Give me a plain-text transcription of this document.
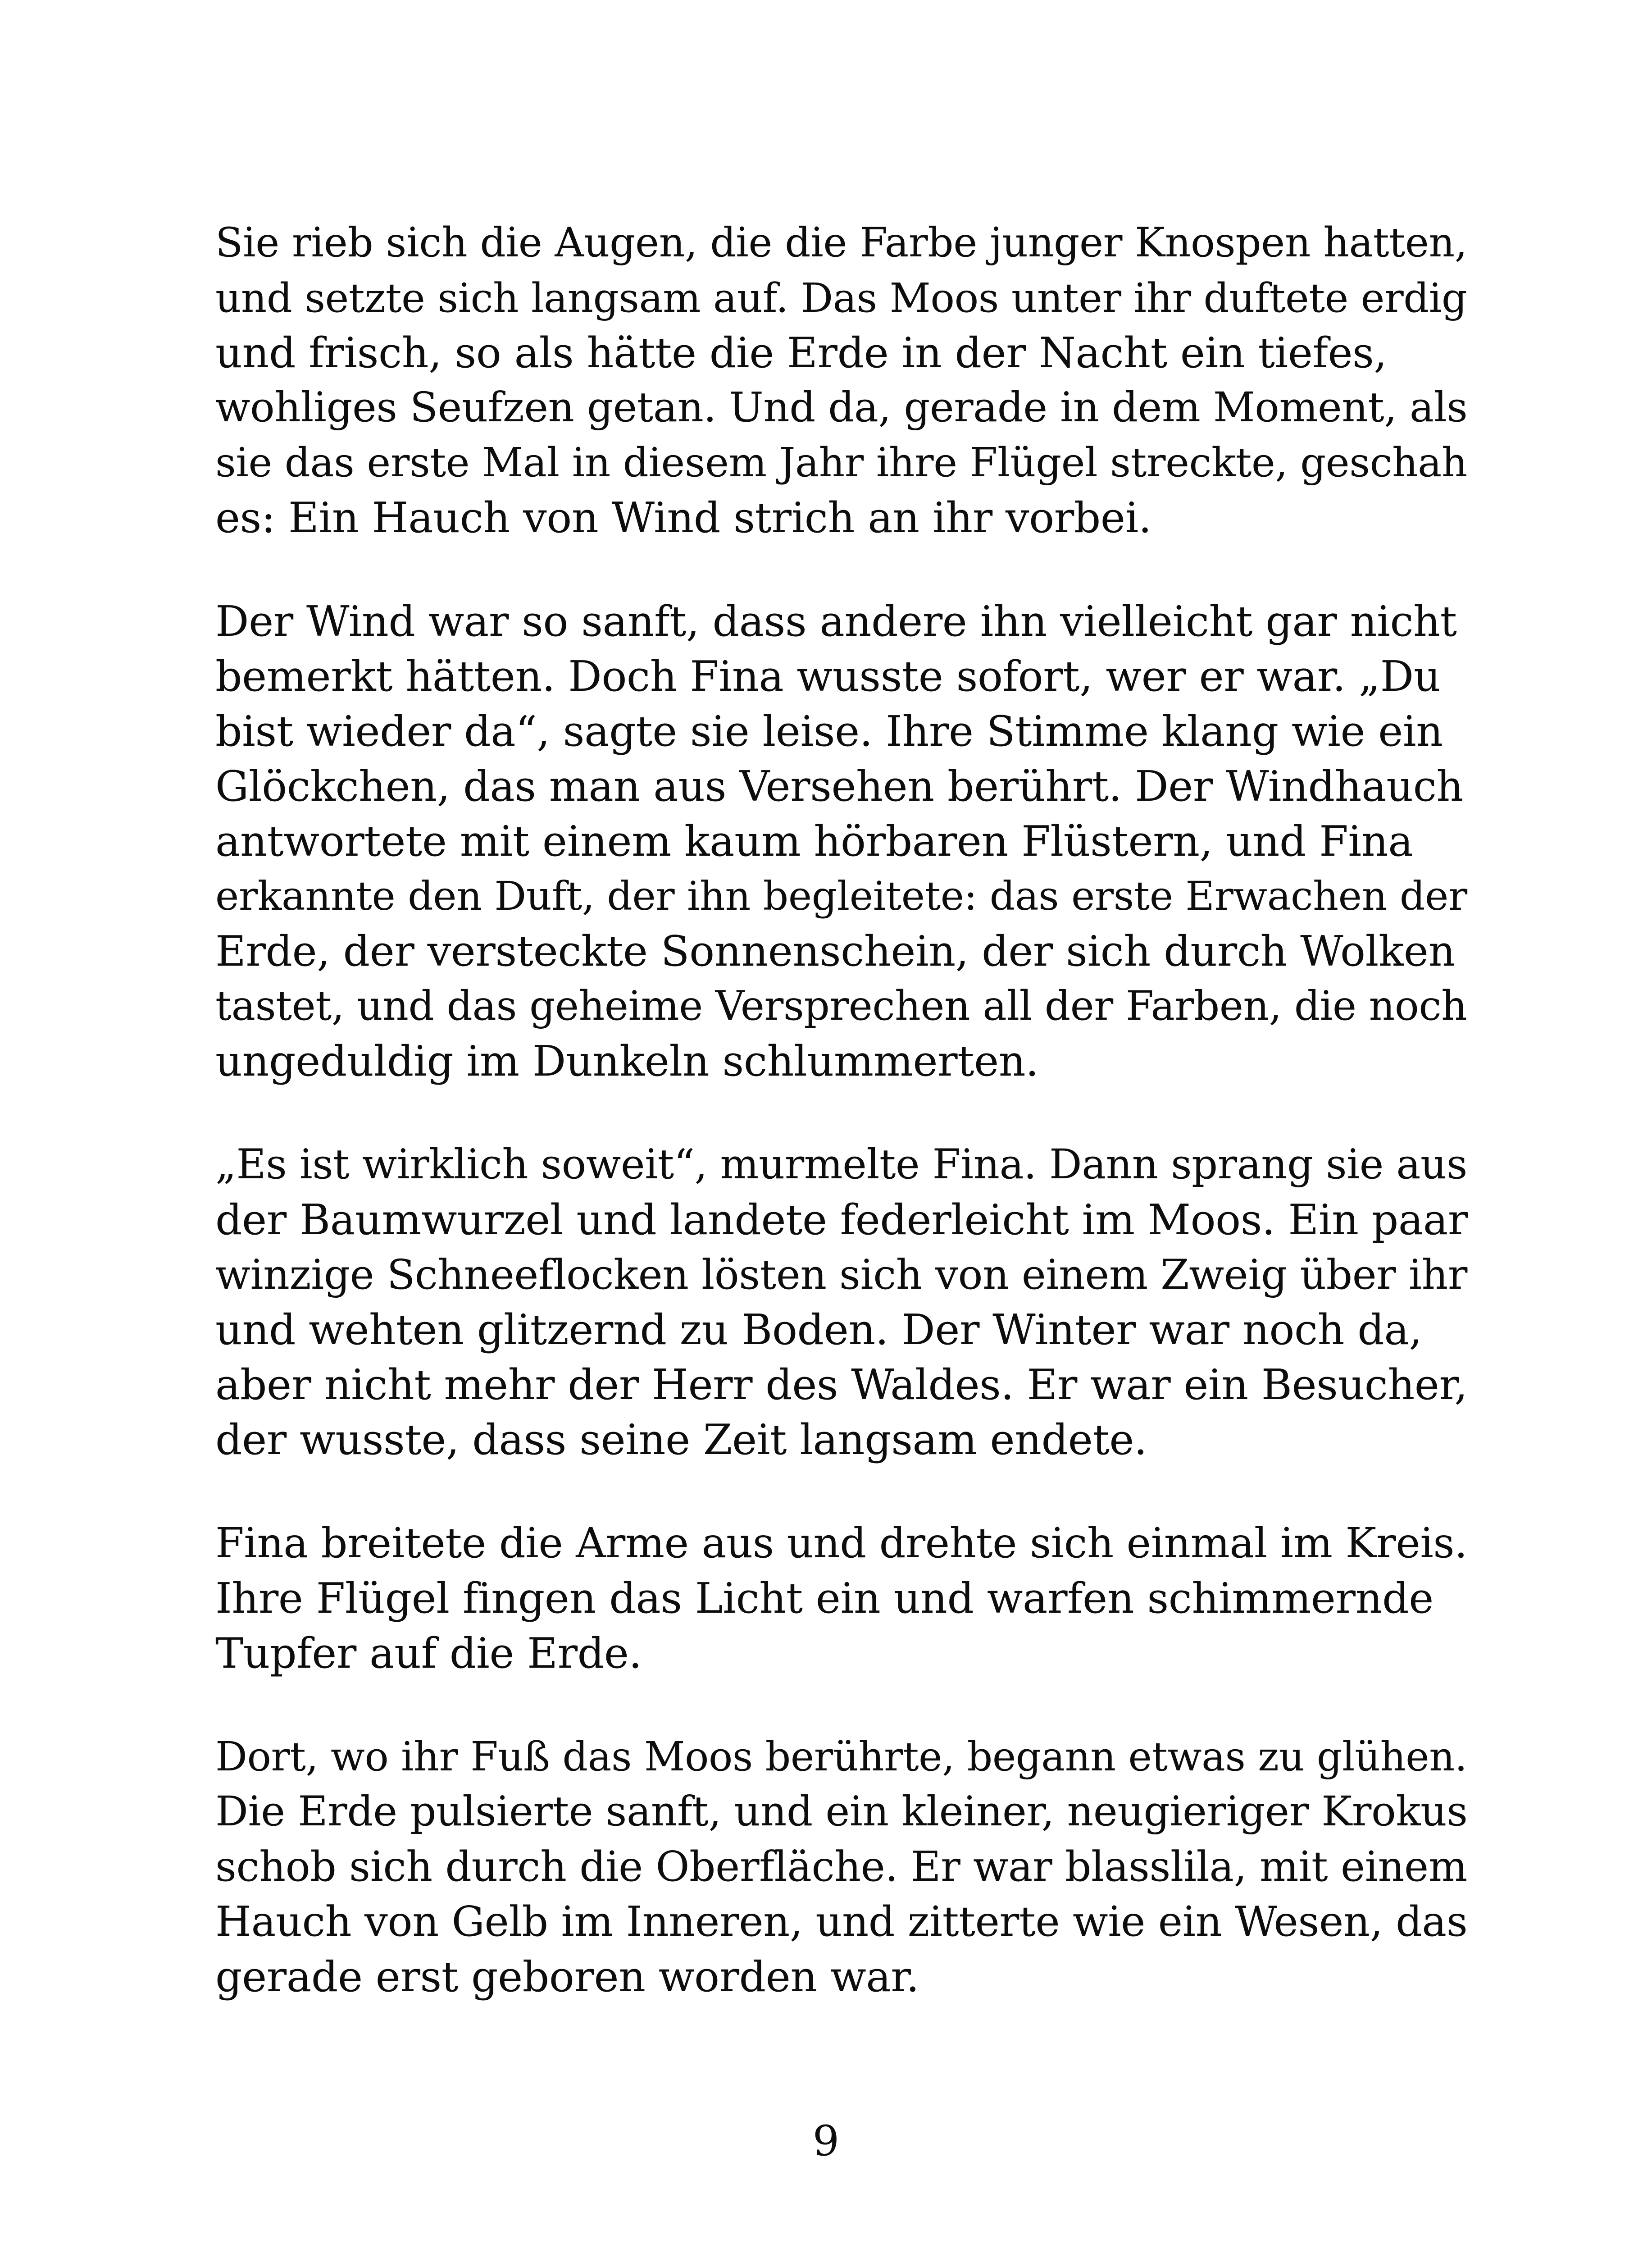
Sie rieb sich die Augen, die die Farbe junger Knospen hatten,
und setzte sich langsam auf. Das Moos unter ihr duftete erdig
und frisch, so als hätte die Erde in der Nacht ein tiefes,
wohliges Seufzen getan. Und da, gerade in dem Moment, als
sie das erste Mal in diesem Jahr ihre Flügel streckte, geschah
es: Ein Hauch von Wind strich an ihr vorbei.
Der Wind war so sanft, dass andere ihn vielleicht gar nicht
bemerkt hätten. Doch Fina wusste sofort, wer er war. „Du
bist wieder da“, sagte sie leise. Ihre Stimme klang wie ein
Glöckchen, das man aus Versehen berührt. Der Windhauch
antwortete mit einem kaum hörbaren Flüstern, und Fina
erkannte den Duft, der ihn begleitete: das erste Erwachen der
Erde, der versteckte Sonnenschein, der sich durch Wolken
tastet, und das geheime Versprechen all der Farben, die noch
ungeduldig im Dunkeln schlummerten.
„Es ist wirklich soweit“, murmelte Fina. Dann sprang sie aus
der Baumwurzel und landete federleicht im Moos. Ein paar
winzige Schneeflocken lösten sich von einem Zweig über ihr
und wehten glitzernd zu Boden. Der Winter war noch da,
aber nicht mehr der Herr des Waldes. Er war ein Besucher,
der wusste, dass seine Zeit langsam endete.
Fina breitete die Arme aus und drehte sich einmal im Kreis.
Ihre Flügel fingen das Licht ein und warfen schimmernde
Tupfer auf die Erde.
Dort, wo ihr Fuß das Moos berührte, begann etwas zu glühen.
Die Erde pulsierte sanft, und ein kleiner, neugieriger Krokus
schob sich durch die Oberfläche. Er war blasslila, mit einem
Hauch von Gelb im Inneren, und zitterte wie ein Wesen, das
gerade erst geboren worden war.
9
